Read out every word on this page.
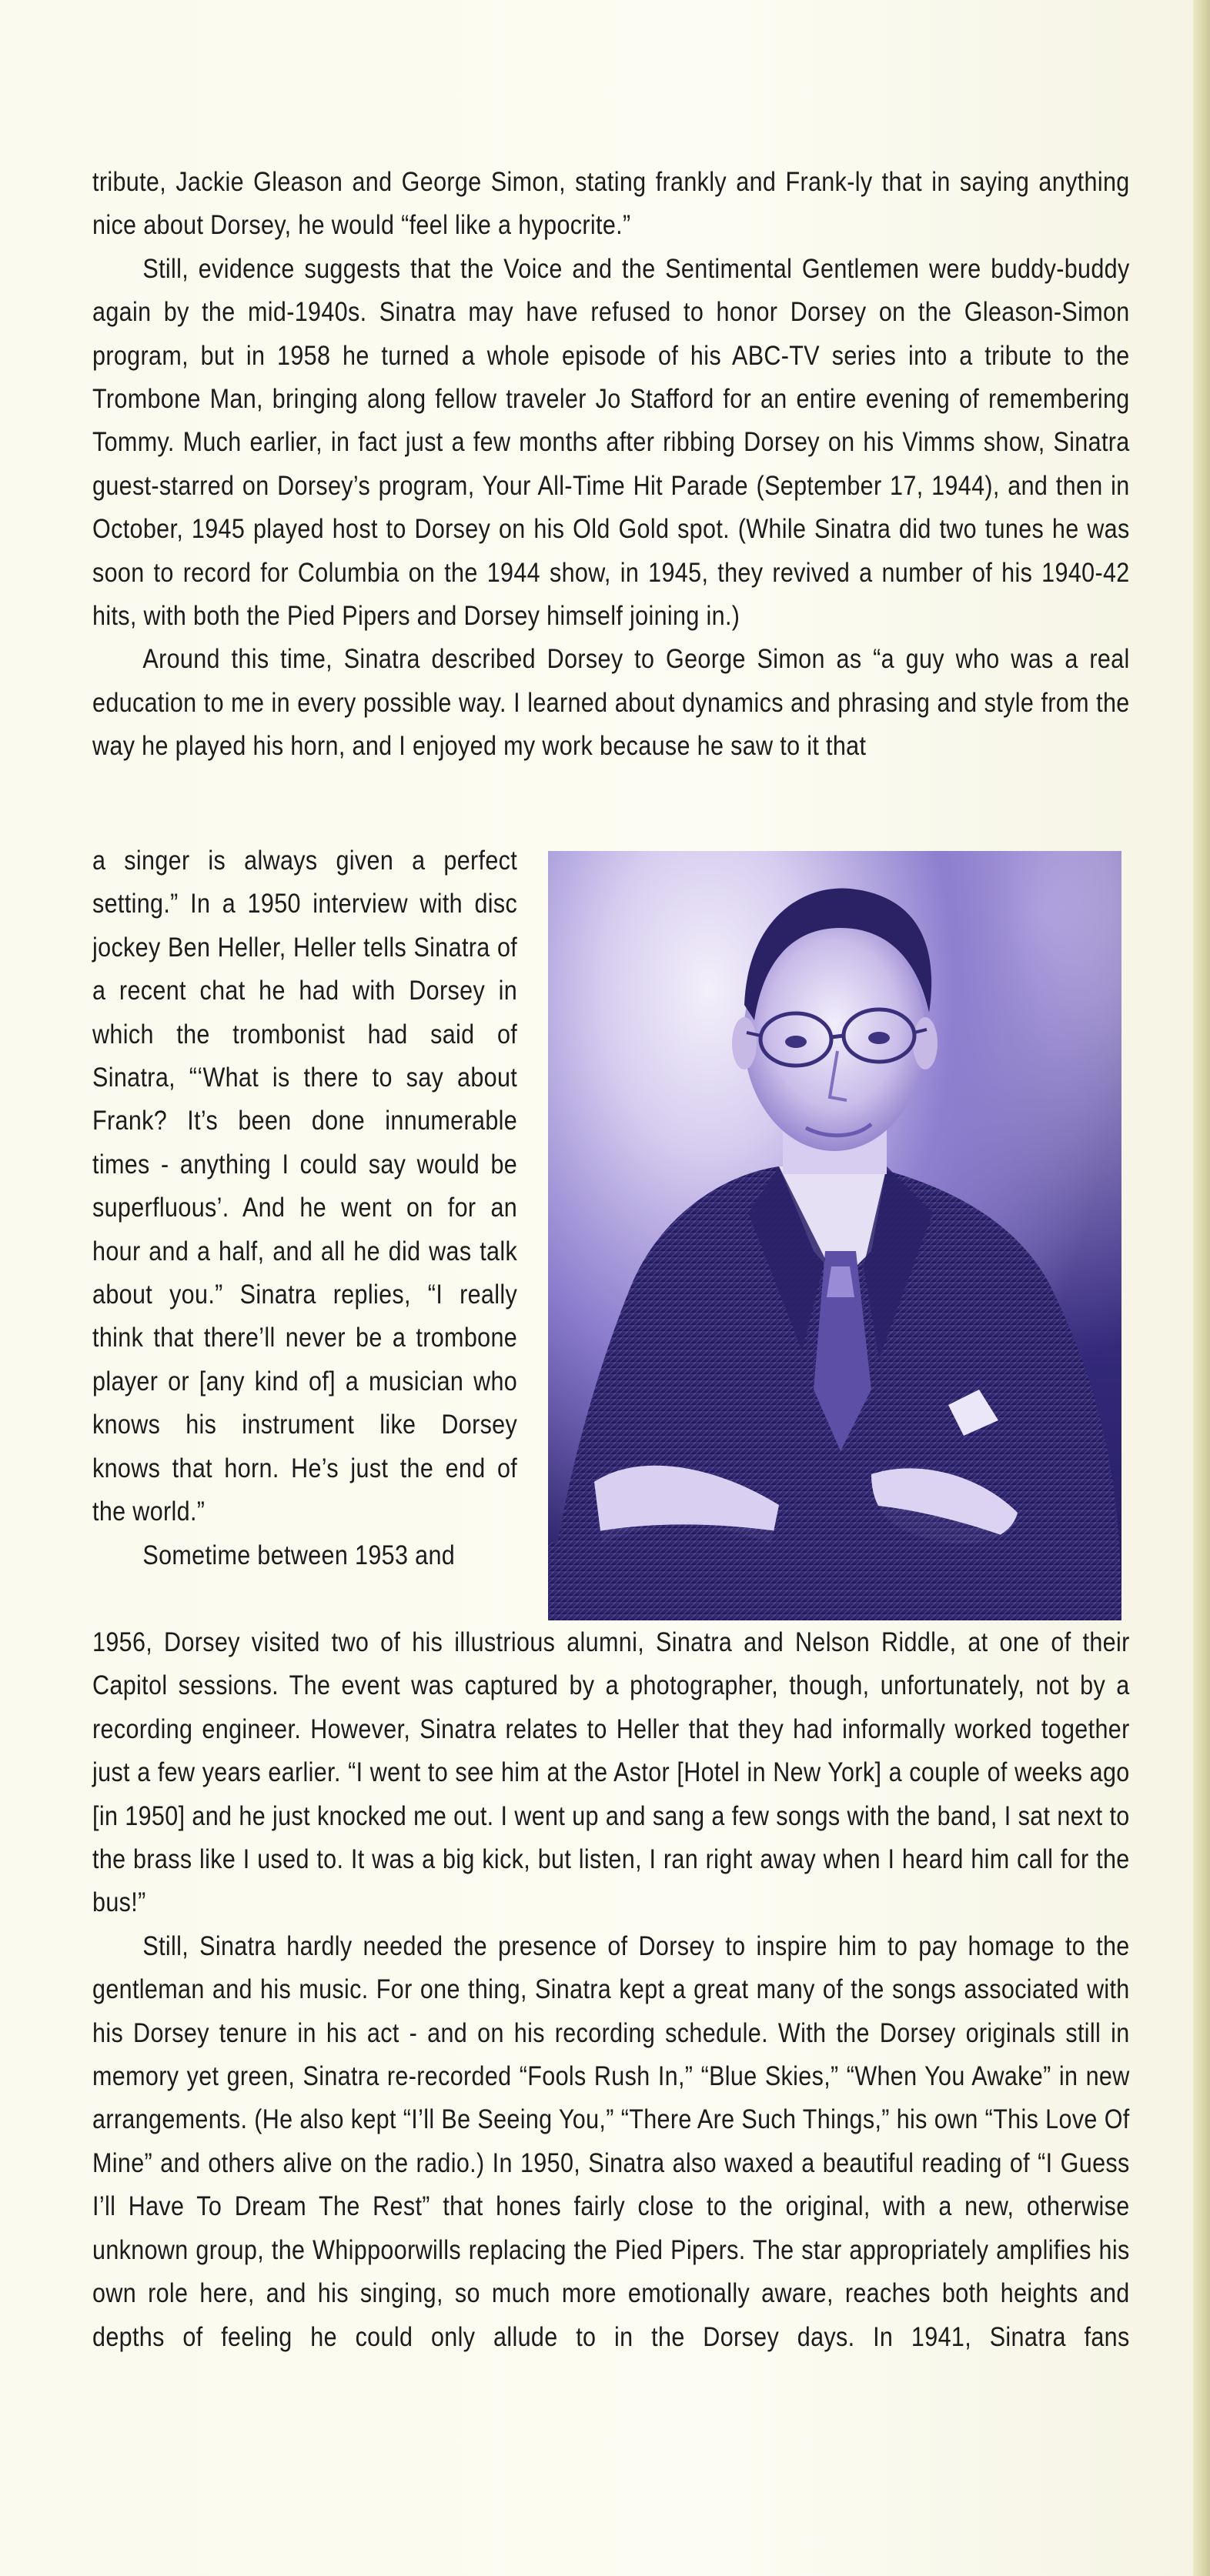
tribute, Jackie Gleason and George Simon, stating frankly and Frank-ly that in saying anything nice about Dorsey, he would “feel like a hypocrite.”

Still, evidence suggests that the Voice and the Sentimental Gentlemen were buddy-buddy again by the mid-1940s. Sinatra may have refused to honor Dorsey on the Gleason-Simon program, but in 1958 he turned a whole episode of his ABC-TV series into a tribute to the Trombone Man, bringing along fellow traveler Jo Stafford for an entire evening of remembering Tommy. Much earlier, in fact just a few months after ribbing Dorsey on his Vimms show, Sinatra guest-starred on Dorsey’s program, Your All-Time Hit Parade (September 17, 1944), and then in October, 1945 played host to Dorsey on his Old Gold spot. (While Sinatra did two tunes he was soon to record for Columbia on the 1944 show, in 1945, they revived a number of his 1940-42 hits, with both the Pied Pipers and Dorsey himself joining in.)

Around this time, Sinatra described Dorsey to George Simon as “a guy who was a real education to me in every possible way. I learned about dynamics and phrasing and style from the way he played his horn, and I enjoyed my work because he saw to it that

a singer is always given a perfect setting.” In a 1950 interview with disc jockey Ben Heller, Heller tells Sinatra of a recent chat he had with Dorsey in which the trombonist had said of Sinatra, “‘What is there to say about Frank? It’s been done innumerable times - anything I could say would be superfluous’. And he went on for an hour and a half, and all he did was talk about you.” Sinatra replies, “I really think that there’ll never be a trombone player or [any kind of] a musician who knows his instrument like Dorsey knows that horn. He’s just the end of the world.”

Sometime between 1953 and

1956, Dorsey visited two of his illustrious alumni, Sinatra and Nelson Riddle, at one of their Capitol sessions. The event was captured by a photographer, though, unfortunately, not by a recording engineer. However, Sinatra relates to Heller that they had informally worked together just a few years earlier. “I went to see him at the Astor [Hotel in New York] a couple of weeks ago [in 1950] and he just knocked me out. I went up and sang a few songs with the band, I sat next to the brass like I used to. It was a big kick, but listen, I ran right away when I heard him call for the bus!”

Still, Sinatra hardly needed the presence of Dorsey to inspire him to pay homage to the gentleman and his music. For one thing, Sinatra kept a great many of the songs associated with his Dorsey tenure in his act - and on his recording schedule. With the Dorsey originals still in memory yet green, Sinatra re-recorded “Fools Rush In,” “Blue Skies,” “When You Awake” in new arrangements. (He also kept “I’ll Be Seeing You,” “There Are Such Things,” his own “This Love Of Mine” and others alive on the radio.) In 1950, Sinatra also waxed a beautiful reading of “I Guess I’ll Have To Dream The Rest” that hones fairly close to the original, with a new, otherwise unknown group, the Whippoorwills replacing the Pied Pipers. The star appropriately amplifies his own role here, and his singing, so much more emotionally aware, reaches both heights and depths of feeling he could only allude to in the Dorsey days. In 1941, Sinatra fans
